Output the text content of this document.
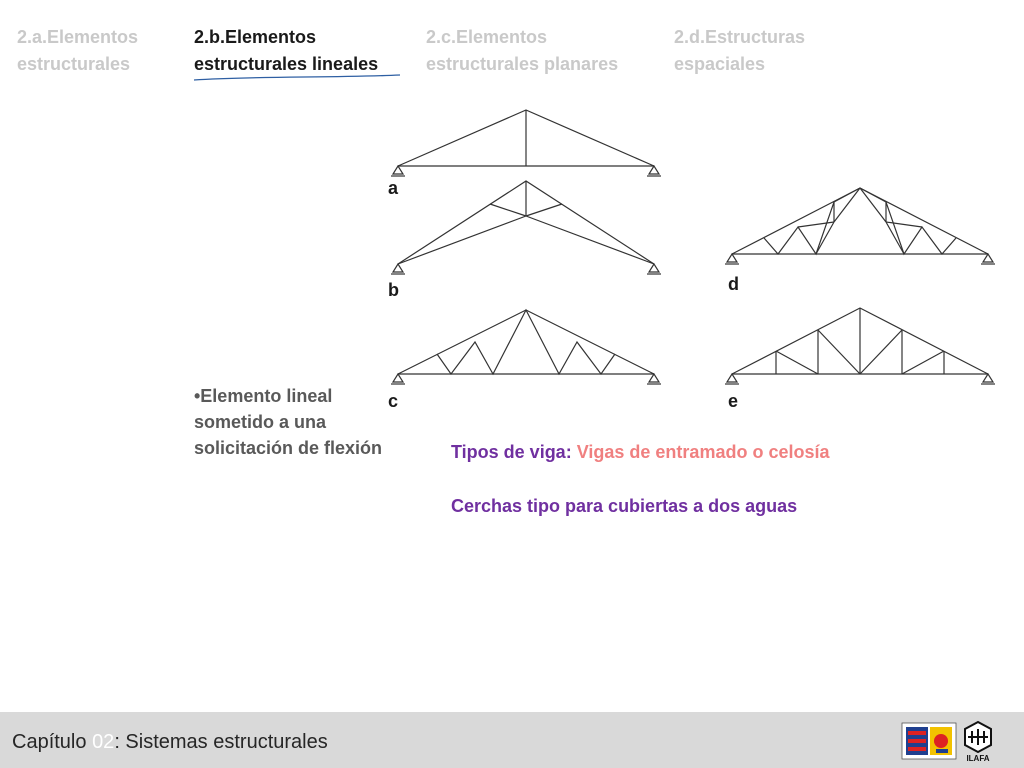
2.a.Elementos
estructurales
2.b.Elementos
estructurales lineales
2.c.Elementos
estructurales planares
2.d.Estructuras
espaciales
a
b
c
d
e
•Elemento lineal
sometido a una
solicitación de flexión	Tipos de viga: Vigas de entramado o celosía
Cerchas tipo para cubiertas a dos aguas
Capítulo 02: Sistemas estructurales
ILAFA
